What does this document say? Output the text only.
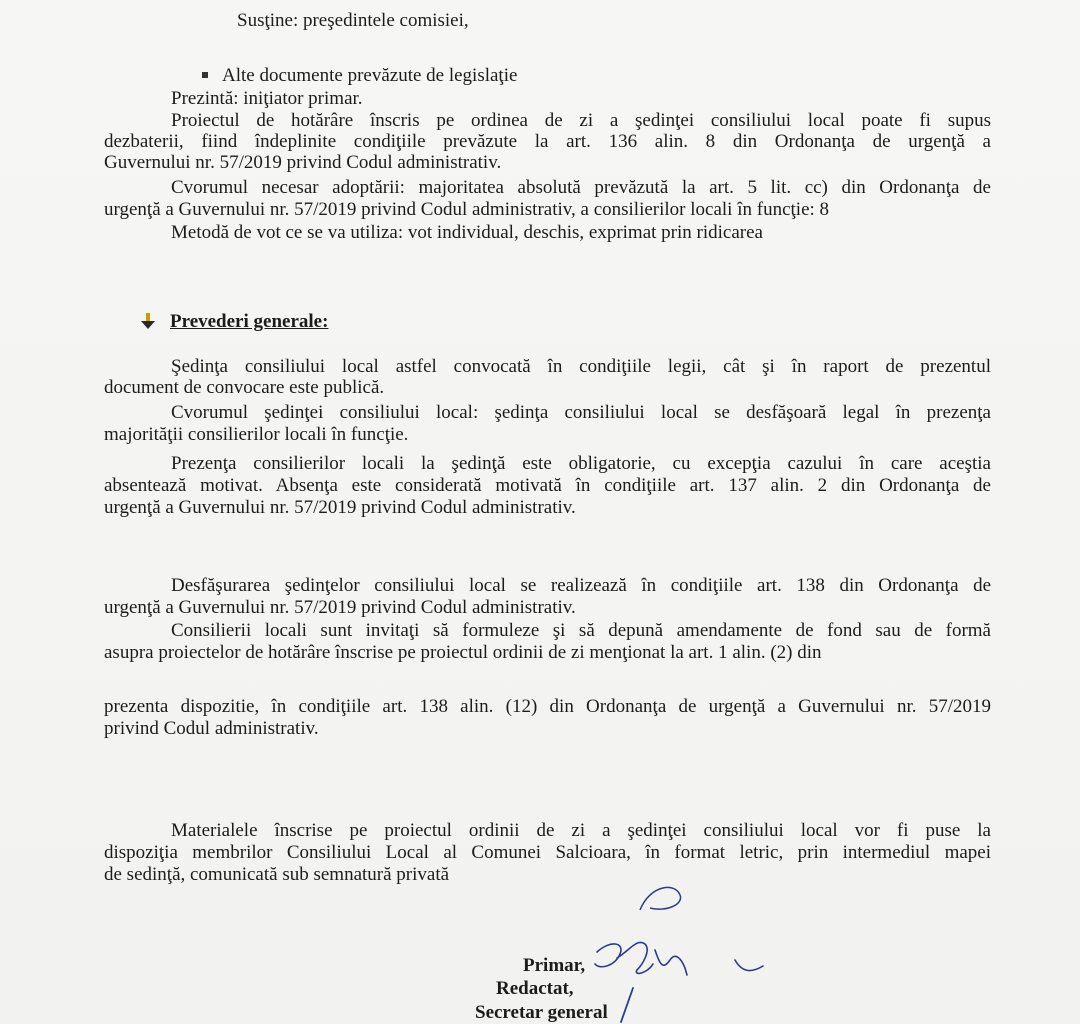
Susţine: preşedintele comisiei,
Alte documente prevăzute de legislaţie
Prezintă: iniţiator primar.
Proiectul de hotărâre înscris pe ordinea de zi a şedinţei consiliului local poate fi supus
dezbaterii, fiind îndeplinite condiţiile prevăzute la art. 136 alin. 8 din Ordonanţa de urgenţă a
Guvernului nr. 57/2019 privind Codul administrativ.
Cvorumul necesar adoptării: majoritatea absolută prevăzută la art. 5 lit. cc) din Ordonanţa de
urgenţă a Guvernului nr. 57/2019 privind Codul administrativ, a consilierilor locali în funcţie: 8
Metodă de vot ce se va utiliza: vot individual, deschis, exprimat prin ridicarea
Prevederi generale:
Şedinţa consiliului local astfel convocată în condiţiile legii, cât şi în raport de prezentul
document de convocare este publică.
Cvorumul şedinţei consiliului local: şedinţa consiliului local se desfăşoară legal în prezenţa
majorităţii consilierilor locali în funcţie.
Prezenţa consilierilor locali la şedinţă este obligatorie, cu excepţia cazului în care aceştia
absentează motivat. Absenţa este considerată motivată în condiţiile art. 137 alin. 2 din Ordonanţa de
urgenţă a Guvernului nr. 57/2019 privind Codul administrativ.
Desfăşurarea şedinţelor consiliului local se realizează în condiţiile art. 138 din Ordonanţa de
urgenţă a Guvernului nr. 57/2019 privind Codul administrativ.
Consilierii locali sunt invitaţi să formuleze şi să depună amendamente de fond sau de formă
asupra proiectelor de hotărâre înscrise pe proiectul ordinii de zi menţionat la art. 1 alin. (2) din
prezenta dispozitie, în condiţiile art. 138 alin. (12) din Ordonanţa de urgenţă a Guvernului nr. 57/2019
privind Codul administrativ.
Materialele înscrise pe proiectul ordinii de zi a şedinţei consiliului local vor fi puse la
dispoziţia membrilor Consiliului Local al Comunei Salcioara, în format letric, prin intermediul mapei
de sedinţă, comunicată sub semnatură privată
Primar,
Redactat,
Secretar general
